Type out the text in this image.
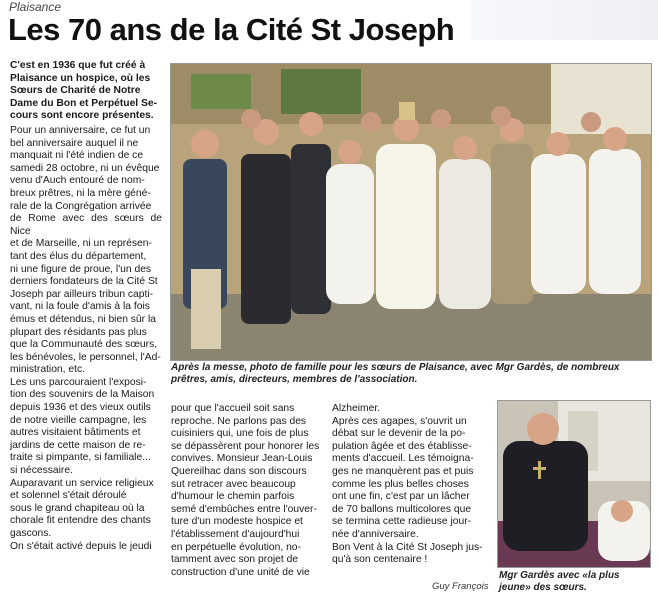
Plaisance
Les 70 ans de la Cité St Joseph
C'est en 1936 que fut créé à
Plaisance un hospice, où les
Sœurs de Charité de Notre
Dame du Bon et Perpétuel Se-
cours sont encore présentes.
Pour un anniversaire, ce fut un
bel anniversaire auquel il ne
manquait ni l'été indien de ce
samedi 28 octobre, ni un évêque
venu d'Auch entouré de nom-
breux prêtres, ni la mère géné-
rale de la Congrégation arrivée
de Rome avec des sœurs de Nice
et de Marseille, ni un représen-
tant des élus du département,
ni une figure de proue, l'un des
derniers fondateurs de la Cité St
Joseph par ailleurs tribun capti-
vant, ni la foule d'amis à la fois
émus et détendus, ni bien sûr la
plupart des résidants pas plus
que la Communauté des sœurs,
les bénévoles, le personnel, l'Ad-
ministration, etc.
Les uns parcouraient l'exposi-
tion des souvenirs de la Maison
depuis 1936 et des vieux outils
de notre vieille campagne, les
autres visitaient bâtiments et
jardins de cette maison de re-
traite si pimpante, si familiale...
si nécessaire.
Auparavant un service religieux
et solennel s'était déroulé
sous le grand chapiteau où la
chorale fit entendre des chants
gascons.
On s'était activé depuis le jeudi
Après la messe, photo de famille pour les sœurs de Plaisance, avec Mgr Gardès, de nombreux
prêtres, amis, directeurs, membres de l'association.
pour que l'accueil soit sans
reproche. Ne parlons pas des
cuisiniers qui, une fois de plus
se dépassèrent pour honorer les
convives. Monsieur Jean-Louis
Quereilhac dans son discours
sut retracer avec beaucoup
d'humour le chemin parfois
semé d'embûches entre l'ouver-
ture d'un modeste hospice et
l'établissement d'aujourd'hui
en perpétuelle évolution, no-
tamment avec son projet de
construction d'une unité de vie
Alzheimer.
Après ces agapes, s'ouvrit un
débat sur le devenir de la po-
pulation âgée et des établisse-
ments d'accueil. Les témoigna-
ges ne manquèrent pas et puis
comme les plus belles choses
ont une fin, c'est par un lâcher
de 70 ballons multicolores que
se termina cette radieuse jour-
née d'anniversaire.
Bon Vent à la Cité St Joseph jus-
qu'à son centenaire !
Guy François
Mgr Gardès avec «la plus
jeune» des sœurs.
